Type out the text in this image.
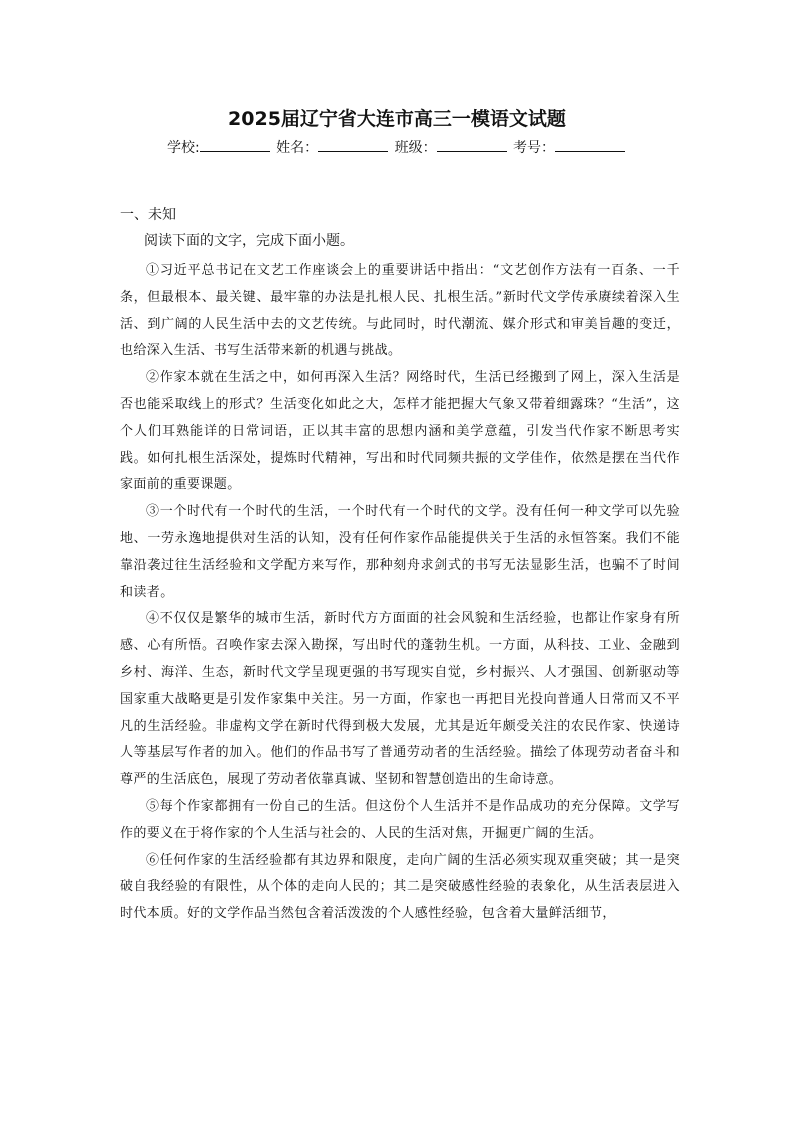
2025届辽宁省大连市高三一模语文试题
学校:	姓名：	班级：	考号：
一、未知
阅读下面的文字，完成下面小题。

①习近平总书记在文艺工作座谈会上的重要讲话中指出：“文艺创作方法有一百条、一千条，但最根本、最关键、最牢靠的办法是扎根人民、扎根生活。”新时代文学传承赓续着深入生活、到广阔的人民生活中去的文艺传统。与此同时，时代潮流、媒介形式和审美旨趣的变迁，也给深入生活、书写生活带来新的机遇与挑战。

②作家本就在生活之中，如何再深入生活？网络时代，生活已经搬到了网上，深入生活是否也能采取线上的形式？生活变化如此之大，怎样才能把握大气象又带着细露珠？“生活”，这个人们耳熟能详的日常词语，正以其丰富的思想内涵和美学意蕴，引发当代作家不断思考实践。如何扎根生活深处，提炼时代精神，写出和时代同频共振的文学佳作，依然是摆在当代作家面前的重要课题。

③一个时代有一个时代的生活，一个时代有一个时代的文学。没有任何一种文学可以先验地、一劳永逸地提供对生活的认知，没有任何作家作品能提供关于生活的永恒答案。我们不能靠沿袭过往生活经验和文学配方来写作，那种刻舟求剑式的书写无法显影生活，也骗不了时间和读者。

④不仅仅是繁华的城市生活，新时代方方面面的社会风貌和生活经验，也都让作家身有所感、心有所悟。召唤作家去深入勘探，写出时代的蓬勃生机。一方面，从科技、工业、金融到乡村、海洋、生态，新时代文学呈现更强的书写现实自觉，乡村振兴、人才强国、创新驱动等国家重大战略更是引发作家集中关注。另一方面，作家也一再把目光投向普通人日常而又不平凡的生活经验。非虚构文学在新时代得到极大发展，尤其是近年颇受关注的农民作家、快递诗人等基层写作者的加入。他们的作品书写了普通劳动者的生活经验。描绘了体现劳动者奋斗和尊严的生活底色，展现了劳动者依靠真诚、坚韧和智慧创造出的生命诗意。

⑤每个作家都拥有一份自己的生活。但这份个人生活并不是作品成功的充分保障。文学写作的要义在于将作家的个人生活与社会的、人民的生活对焦，开掘更广阔的生活。

⑥任何作家的生活经验都有其边界和限度，走向广阔的生活必须实现双重突破；其一是突破自我经验的有限性，从个体的走向人民的；其二是突破感性经验的表象化，从生活表层进入时代本质。好的文学作品当然包含着活泼泼的个人感性经验，包含着大量鲜活细节，
